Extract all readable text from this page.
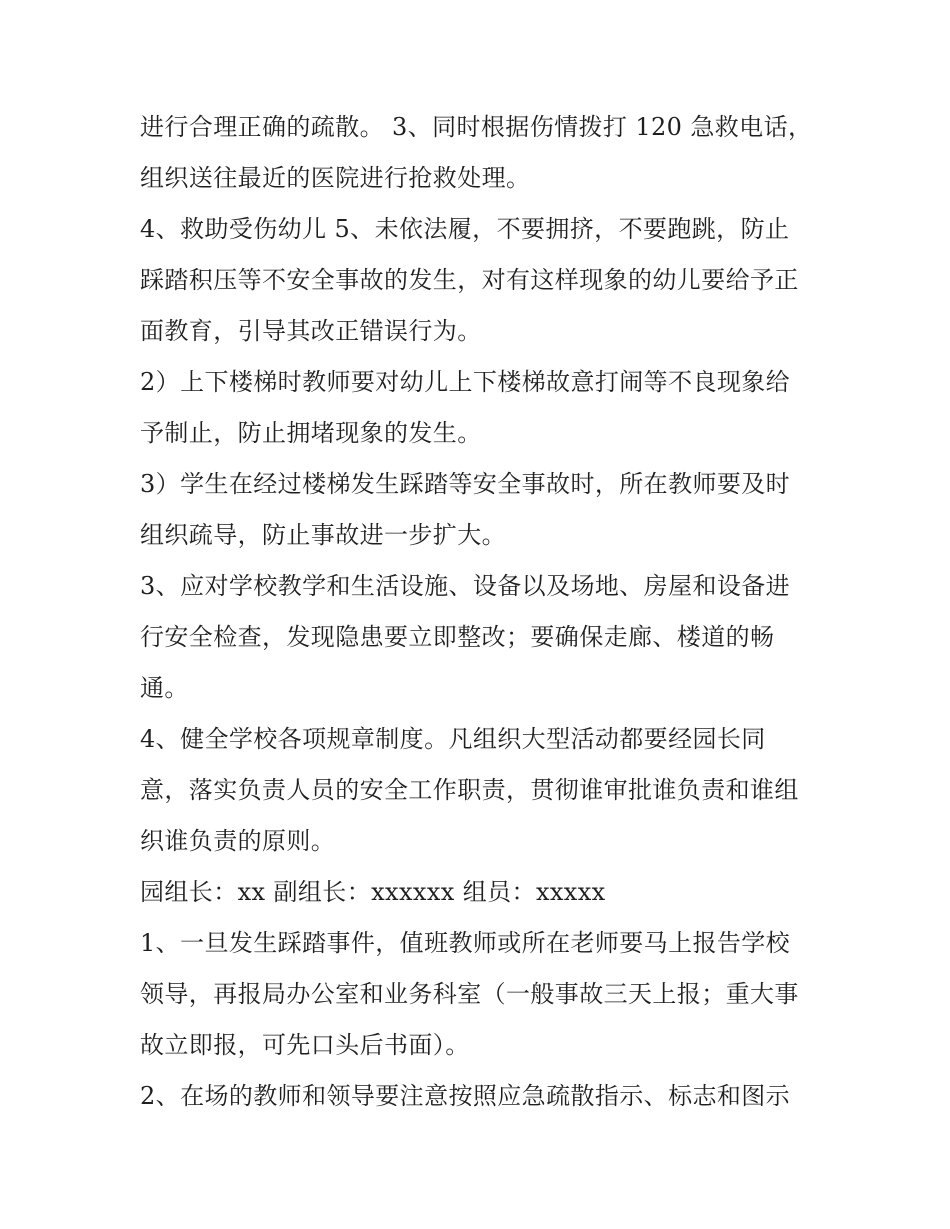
进行合理正确的疏散。 3、同时根据伤情拨打 120 急救电话，
组织送往最近的医院进行抢救处理。
4、救助受伤幼儿 5、未依法履，不要拥挤，不要跑跳，防止
踩踏积压等不安全事故的发生，对有这样现象的幼儿要给予正
面教育，引导其改正错误行为。
2）上下楼梯时教师要对幼儿上下楼梯故意打闹等不良现象给
予制止，防止拥堵现象的发生。
3）学生在经过楼梯发生踩踏等安全事故时，所在教师要及时
组织疏导，防止事故进一步扩大。
3、应对学校教学和生活设施、设备以及场地、房屋和设备进
行安全检查，发现隐患要立即整改；要确保走廊、楼道的畅
通。
4、健全学校各项规章制度。凡组织大型活动都要经园长同
意，落实负责人员的安全工作职责，贯彻谁审批谁负责和谁组
织谁负责的原则。
园组长：xx 副组长：xxxxxx 组员：xxxxx
1、一旦发生踩踏事件，值班教师或所在老师要马上报告学校
领导，再报局办公室和业务科室（一般事故三天上报；重大事
故立即报，可先口头后书面）。
2、在场的教师和领导要注意按照应急疏散指示、标志和图示
